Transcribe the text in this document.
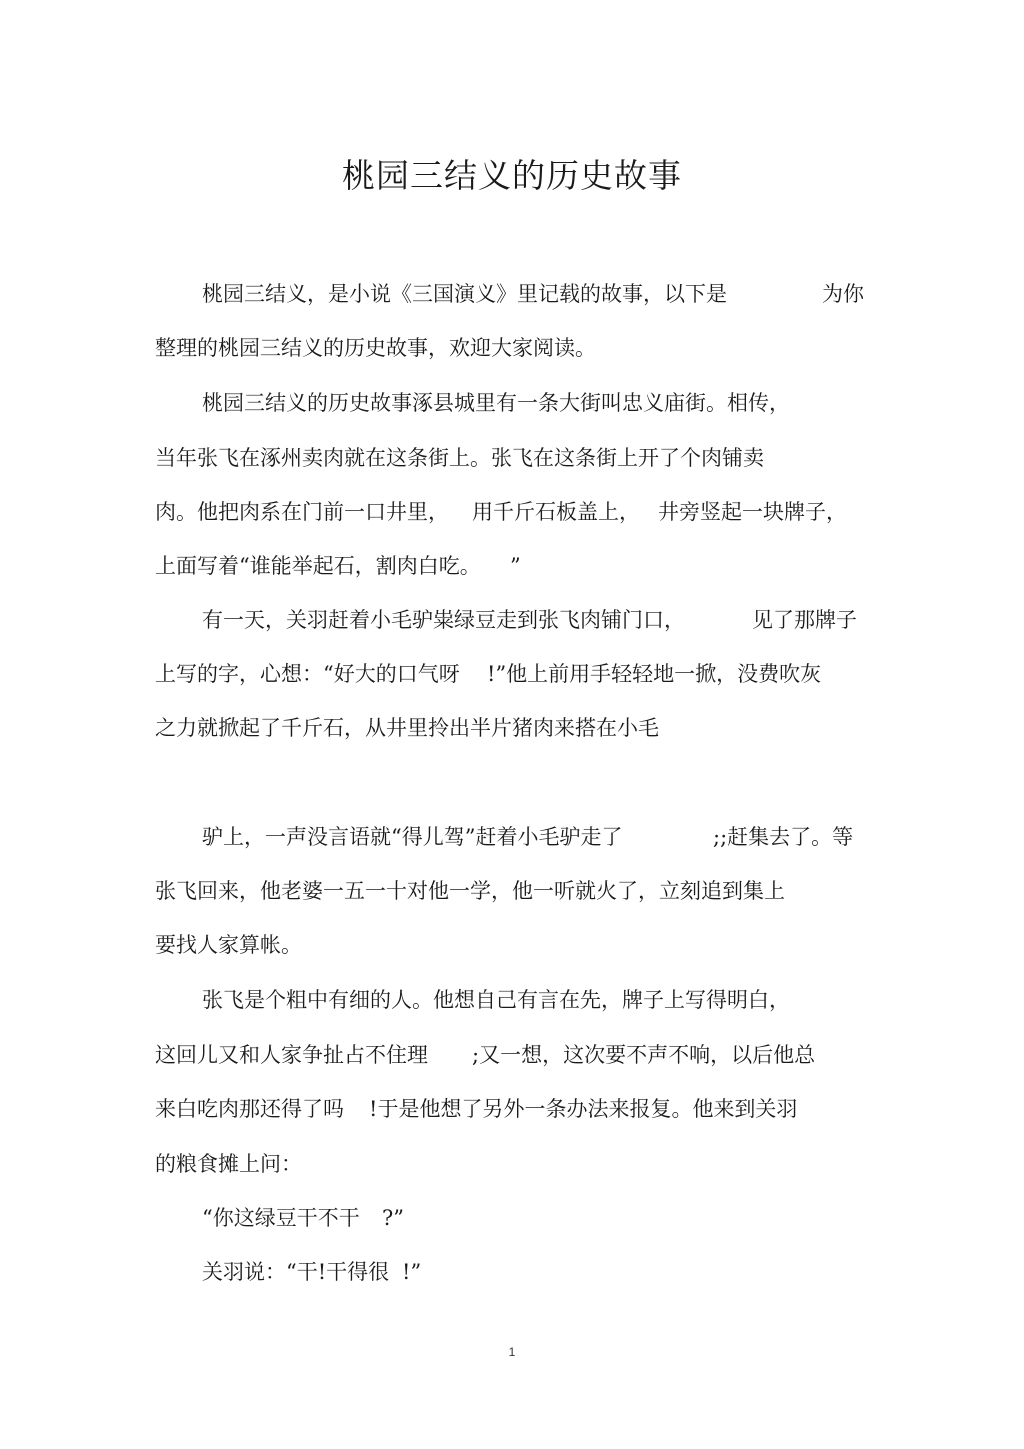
桃园三结义的历史故事
桃园三结义，是小说《三国演义》里记载的故事，以下是	为你
整理的桃园三结义的历史故事，欢迎大家阅读。
桃园三结义的历史故事涿县城里有一条大街叫忠义庙街。相传，
当年张飞在涿州卖肉就在这条街上。张飞在这条街上开了个肉铺卖
肉。他把肉系在门前一口井里， 用千斤石板盖上， 井旁竖起一块牌子，
上面写着“谁能举起石，割肉白吃。 ”
有一天，关羽赶着小毛驴粜绿豆走到张飞肉铺门口，	见了那牌子
上写的字，心想：“好大的口气呀 !”他上前用手轻轻地一掀，没费吹灰
之力就掀起了千斤石，从井里拎出半片猪肉来搭在小毛
驴上，一声没言语就“得儿驾”赶着小毛驴走了	;;赶集去了。等
张飞回来，他老婆一五一十对他一学，他一听就火了，立刻追到集上
要找人家算帐。
张飞是个粗中有细的人。他想自己有言在先，牌子上写得明白，
这回儿又和人家争扯占不住理 ;又一想，这次要不声不响，以后他总
来白吃肉那还得了吗 !于是他想了另外一条办法来报复。他来到关羽
的粮食摊上问：
“你这绿豆干不干 ?”
关羽说：“干!干得很 !”
1
